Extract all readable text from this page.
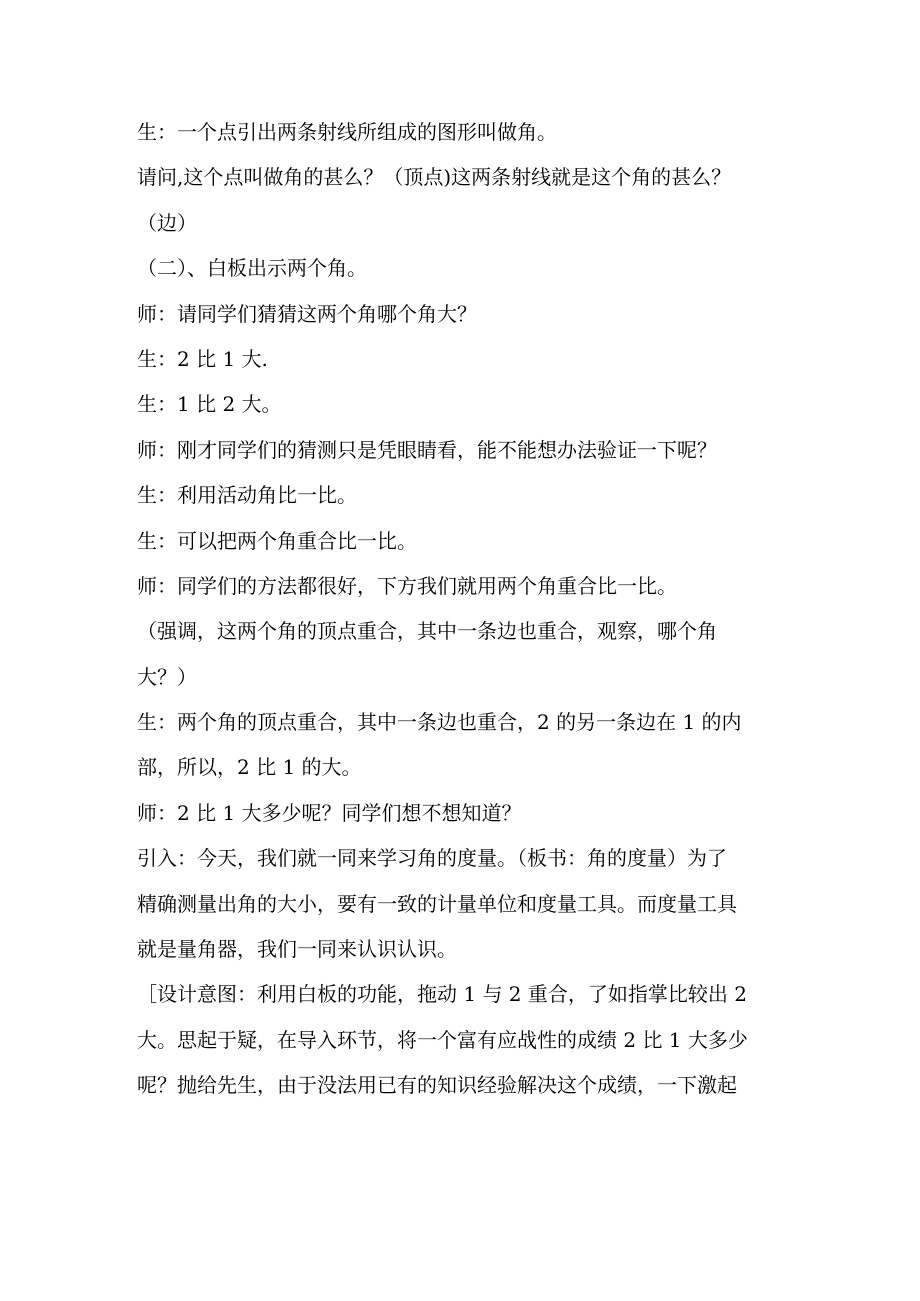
生：一个点引出两条射线所组成的图形叫做角。
请问,这个点叫做角的甚么？（顶点)这两条射线就是这个角的甚么？
（边）
（二）、白板出示两个角。
师：请同学们猜猜这两个角哪个角大？
生：2 比 1 大.
生：1 比 2 大。
师：刚才同学们的猜测只是凭眼睛看，能不能想办法验证一下呢？
生：利用活动角比一比。
生：可以把两个角重合比一比。
师：同学们的方法都很好，下方我们就用两个角重合比一比。
（强调，这两个角的顶点重合，其中一条边也重合，观察，哪个角
大？）
生：两个角的顶点重合，其中一条边也重合，2 的另一条边在 1 的内
部，所以，2 比 1 的大。
师：2 比 1 大多少呢？同学们想不想知道？
引入：今天，我们就一同来学习角的度量。（板书：角的度量）为了
精确测量出角的大小，要有一致的计量单位和度量工具。而度量工具
就是量角器，我们一同来认识认识。
［设计意图：利用白板的功能，拖动 1 与 2 重合，了如指掌比较出 2
大。思起于疑，在导入环节，将一个富有应战性的成绩 2 比 1 大多少
呢？抛给先生，由于没法用已有的知识经验解决这个成绩，一下激起
